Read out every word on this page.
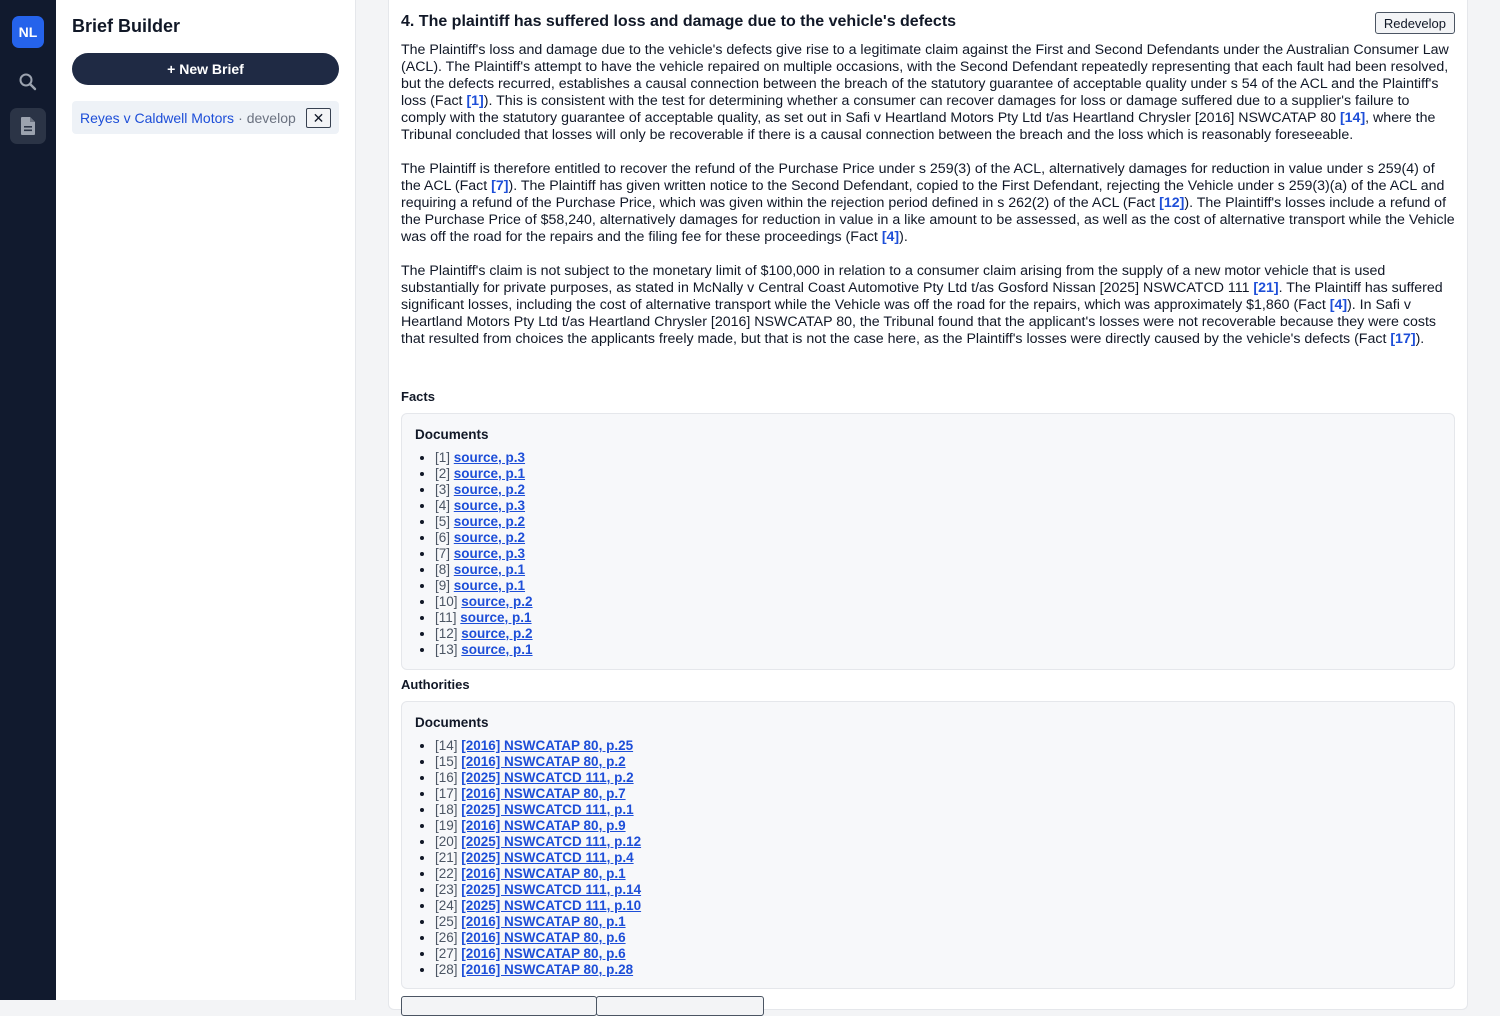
NL	Brief Builder
+ New Brief
Reyes v Caldwell Motors · develop ✕
4. The plaintiff has suffered loss and damage due to the vehicle's defects	Redevelop

The Plaintiff's loss and damage due to the vehicle's defects give rise to a legitimate claim against the First and Second Defendants under the Australian Consumer Law (ACL). The Plaintiff's attempt to have the vehicle repaired on multiple occasions, with the Second Defendant repeatedly representing that each fault had been resolved, but the defects recurred, establishes a causal connection between the breach of the statutory guarantee of acceptable quality under s 54 of the ACL and the Plaintiff's loss (Fact [1]). This is consistent with the test for determining whether a consumer can recover damages for loss or damage suffered due to a supplier's failure to comply with the statutory guarantee of acceptable quality, as set out in Safi v Heartland Motors Pty Ltd t/as Heartland Chrysler [2016] NSWCATAP 80 [14], where the Tribunal concluded that losses will only be recoverable if there is a causal connection between the breach and the loss which is reasonably foreseeable.

The Plaintiff is therefore entitled to recover the refund of the Purchase Price under s 259(3) of the ACL, alternatively damages for reduction in value under s 259(4) of the ACL (Fact [7]). The Plaintiff has given written notice to the Second Defendant, copied to the First Defendant, rejecting the Vehicle under s 259(3)(a) of the ACL and requiring a refund of the Purchase Price, which was given within the rejection period defined in s 262(2) of the ACL (Fact [12]). The Plaintiff's losses include a refund of the Purchase Price of $58,240, alternatively damages for reduction in value in a like amount to be assessed, as well as the cost of alternative transport while the Vehicle was off the road for the repairs and the filing fee for these proceedings (Fact [4]).

The Plaintiff's claim is not subject to the monetary limit of $100,000 in relation to a consumer claim arising from the supply of a new motor vehicle that is used substantially for private purposes, as stated in McNally v Central Coast Automotive Pty Ltd t/as Gosford Nissan [2025] NSWCATCD 111 [21]. The Plaintiff has suffered significant losses, including the cost of alternative transport while the Vehicle was off the road for the repairs, which was approximately $1,860 (Fact [4]). In Safi v Heartland Motors Pty Ltd t/as Heartland Chrysler [2016] NSWCATAP 80, the Tribunal found that the applicant's losses were not recoverable because they were costs that resulted from choices the applicants freely made, but that is not the case here, as the Plaintiff's losses were directly caused by the vehicle's defects (Fact [17]).

Facts
Documents
• [1] source, p.3
• [2] source, p.1
• [3] source, p.2
• [4] source, p.3
• [5] source, p.2
• [6] source, p.2
• [7] source, p.3
• [8] source, p.1
• [9] source, p.1
• [10] source, p.2
• [11] source, p.1
• [12] source, p.2
• [13] source, p.1
Authorities
Documents
• [14] [2016] NSWCATAP 80, p.25
• [15] [2016] NSWCATAP 80, p.2
• [16] [2025] NSWCATCD 111, p.2
• [17] [2016] NSWCATAP 80, p.7
• [18] [2025] NSWCATCD 111, p.1
• [19] [2016] NSWCATAP 80, p.9
• [20] [2025] NSWCATCD 111, p.12
• [21] [2025] NSWCATCD 111, p.4
• [22] [2016] NSWCATAP 80, p.1
• [23] [2025] NSWCATCD 111, p.14
• [24] [2025] NSWCATCD 111, p.10
• [25] [2016] NSWCATAP 80, p.1
• [26] [2016] NSWCATAP 80, p.6
• [27] [2016] NSWCATAP 80, p.6
• [28] [2016] NSWCATAP 80, p.28
